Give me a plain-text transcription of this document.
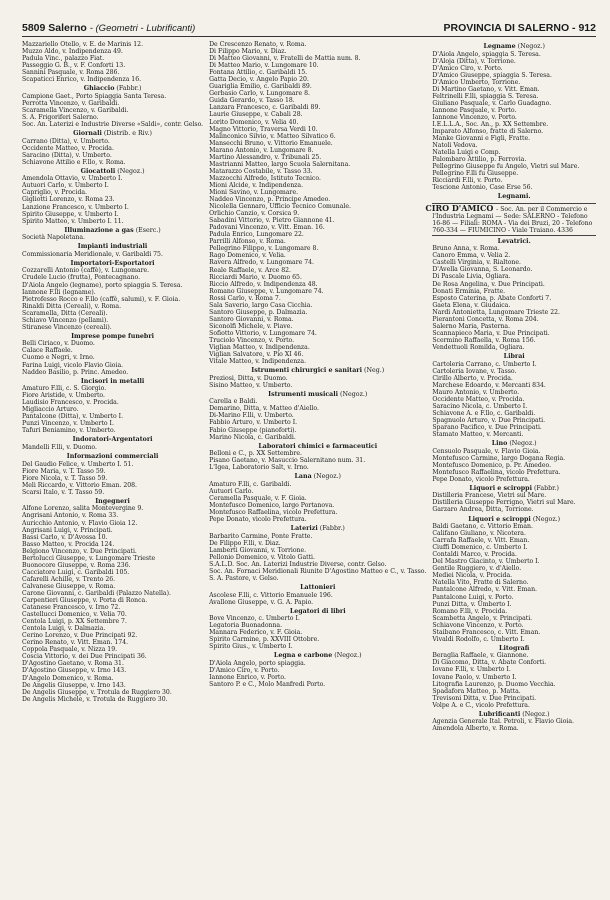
5809 Salerno - (Geometri - Lubrificanti)	PROVINCIA DI SALERNO - 912
Mazzariello Otello, v. E. de Marinis 12.
Muzzo Aldo, v. Indipendenza 49.
Padula Vinc., palazzo Fiat.
Passeggio G. B., v. F. Conforti 13.
Sannini Pasquale, v. Roma 286.
Scapaticci Enrico, v. Indipendenza 16.
Ghiaccio (Fabbr.)
Campione Gaet., Porto Spiaggia Santa Teresa.
Perrotta Vincenzo, v. Garibaldi.
Scaramella Vincenzo, v. Garibaldi.
S. A. Frigoriferi Salerno.
Soc. An. Laterizi e Industrie Diverse «Saldi», contr. Gelso.
Giornali (Distrib. e Riv.)
Carrano (Ditta), v. Umberto.
Occidente Matteo, v. Procida.
Saracino (Ditta), v. Umberto.
Schiavone Attilio e F.llo, v. Roma.
Giocattoli (Negoz.)
Amendola Ottavio, v. Umberto I.
Autuori Carlo, v. Umberto I.
Capriglio, v. Procida.
Gigliotti Lorenzo, v. Roma 23.
Lanzione Francesco, v. Umberto I.
Spirito Giuseppe, v. Umberto I.
Spirito Matteo, v. Umberto I. 11.
Illuminazione a gas (Eserc.)
Società Napoletana.
Impianti industriali
Commissionaria Meridionale, v. Garibaldi 75.
Importatori-Esportatori
Cozzarelli Antonio (caffè), v. Lungomare.
Crudele Lucio (frutta), Pontecagnano.
D'Aiola Angelo (legname), porto spiaggia S. Teresa.
Iannone F.lli (legname).
Pietrofesso Rocco e F.llo (caffè, salumi), v. F. Gioia.
Rinaldi Ditta (Cereali), v. Roma.
Scaramella, Ditta (Cereali).
Schiavo Vincenzo (pellami).
Stiranese Vincenzo (cereali).
Imprese pompe funebri
Belli Ciriaco, v. Duomo.
Calace Raffaele.
Cuomo e Negri, v. Irno.
Farina Luigi, vicolo Flavio Gioia.
Naddeo Basilio, p. Princ. Amedeo.
Incisori in metalli
Amaturo F.lli, c. S. Giorgio.
Fiore Aristide, v. Umberto.
Laudisio Francesco, v. Procida.
Migliaccio Arturo.
Pantalcone (Ditta), v. Umberto I.
Punzi Vincenzo, v. Umberto I.
Tafuri Beniamino, v. Umberto.
Indoratori-Argentatori
Mandelli F.lli, v. Duomo.
Informazioni commerciali
Del Gaudio Felice, v. Umberto I. 51.
Fiore Maria, v. T. Tasso 59.
Fiore Nicola, v. T. Tasso 59.
Meli Riccardo, v. Vittorio Eman. 208.
Scarsi Italo, v. T. Tasso 59.
Ingegneri
Alfone Lorenzo, salita Montevergine 9.
Angrisani Antonio, v. Roma 33.
Auricchio Antonio, v. Flavio Gioia 12.
Angrisani Luigi, v. Principati.
Bassi Carlo, v. D'Avossa 10.
Basso Matteo, v. Procida 124.
Belgiono Vincenzo, v. Due Principati.
Bertolucci Giuseppe, v. Lungomare Trieste
Buonocore Giuseppe, v. Roma 236.
Cacciatore Luigi, c. Garibaldi 105.
Cafarelli Achille, v. Trento 26.
Calvanese Giuseppe, v. Roma.
Carone Giovanni, c. Garibaldi (Palazzo Natella).
Carpentieri Giuseppe, v. Porta di Ronca.
Catanese Francesco, v. Irno 72.
Castellucci Domenico, v. Velia 70.
Centola Luigi, p. XX Settembre 7.
Centola Luigi, v. Dalmazia.
Cerino Lorenzo, v. Due Principati 92.
Cerino Renato, v. Vitt. Eman. 174.
Coppola Pasquale, v. Nizza 19.
Coscia Vittorio, v. dei Due Principati 36.
D'Agostino Gaetano, v. Roma 31.
D'Agostino Giuseppe, v. Irno 143.
D'Angelo Domenico, v. Roma.
De Angelis Giuseppe, v. Irno 143.
De Angelis Giuseppe, v. Trotula de Ruggiero 30.
De Angelis Michele, v. Trotula de Ruggiero 30.
De Crescenzo Renato, v. Roma.
Di Filippo Mario, v. Diaz.
Di Matteo Giovanni, v. Fratelli de Mattia num. 8.
Di Matteo Mario, v. Lungomare 10.
Fontana Attilio, c. Garibaldi 15.
Gatta Decio, v. Angelo Papio 20.
Guariglia Emilio, c. Garibaldi 89.
Gerbasio Carlo, v. Lungomare 8.
Guida Gerardo, v. Tasso 18.
Lanzara Francesco, c. Garibaldi 89.
Laurie Giuseppe, v. Cabali 28.
Lorito Domenico, v. Velia 40.
Magno Vittorio, Traversa Verdi 10.
Malinconico Silvio, v. Matteo Silvatico 6.
Mansecchi Bruno, v. Vittorio Emanuele.
Marano Antonio, v. Lungomare 8.
Martino Alessandro, v. Tribunali 25.
Mastrianni Matteo, largo Scuola Salernitana.
Matarazzo Costabile, v. Tasso 33.
Mazzocchi Alfredo, Istituto Tecnico.
Mioni Alcide, v. Indipendenza.
Mioni Savino, v. Lungomare.
Naddeo Vincenzo, p. Principe Amedeo.
Nicolella Gennaro, Ufficio Tecnico Comunale.
Orlichio Canzio, v. Corsica 9.
Sabadini Vittorio, v. Pietro Giannone 41.
Padovani Vincenzo, v. Vitt. Eman. 16.
Padula Enrico, Lungomare 22.
Parrilli Alfonso, v. Roma.
Pellegrino Filippo, v. Lungomare 8.
Rago Domenico, v. Velia.
Ravera Alfredo, v. Lungomare 74.
Reale Raffaele, v. Arce 82.
Ricciardi Mario, v. Duomo 65.
Riccio Alfredo, v. Indipendenza 48.
Romano Giuseppe, v. Lungomare 74.
Rossi Carlo, v. Roma 7.
Sala Saverio, largo Casa Cicchia.
Santoro Giuseppe, p. Dalmazia.
Santoro Giovanni, v. Roma.
Siconolfi Michele, v. Piave.
Sofiotto Vittorio, v. Lungomare 74.
Truciolo Vincenzo, v. Porto.
Viglian Matteo, v. Indipendenza.
Viglian Salvatore, v. Pio XI 46.
Vitale Matteo, v. Indipendenza.
Istrumenti chirurgici e sanitari (Neg.)
Preziosi, Ditta, v. Duomo.
Sisino Matteo, v. Umberto.
Istrumenti musicali (Negoz.)
Carella e Baldi.
Demarino, Ditta, v. Matteo d'Aiello.
Di-Marino F.lli, v. Umberto.
Fabbio Arturo, v. Umberto I.
Fabio Giuseppe (pianoforti).
Marino Nicola, c. Garibaldi.
Laboratori chimici e farmaceutici
Belloni e C., p. XX Settembre.
Pisano Gaetano, v. Masuccio Salernitano num. 31.
L'Igea, Laboratorio Salt, v. Irno.
Lana (Negoz.)
Amaturo F.lli, c. Garibaldi.
Autuori Carlo.
Ceramella Pasquale, v. F. Gioia.
Montefusco Domenico, largo Portanova.
Montefusco Raffaelina, vicolo Prefettura.
Pepe Donato, vicolo Prefettura.
Laterizi (Fabbr.)
Barbarito Carmine, Ponte Fratte.
De Filippo F.lli, v. Diaz.
Lamberti Giovanni, v. Torrione.
Pellonio Domenico, v. Vitolo Gatti.
S.A.L.D. Soc. An. Laterizi Industrie Diverse, contr. Gelso.
Soc. An. Fornaci Meridionali Riunite D'Agostino Matteo e C., v. Tasso.
S. A. Pastore, v. Gelso.
Lattonieri
Ascolese F.lli, c. Vittorio Emanuele 196.
Avallone Giuseppe, v. G. A. Papio.
Legatori di libri
Bove Vincenzo, c. Umberto I.
Legatoria Buonadonna.
Mannara Federico, v. F. Gioia.
Spirito Carmine, p. XXVIII Ottobre.
Spirito Gius., v. Umberto I.
Legna e carbone (Negoz.)
D'Aiola Angelo, porto spiaggia.
D'Amico Ciro, v. Porto.
Iannone Enrico, v. Porto.
Santoro P. e C., Molo Manfredi Porto.
Legname (Negoz.)
D'Aiola Angelo, spiaggia S. Teresa.
D'Aloja (Ditta), v. Torrione.
D'Amico Ciro, v. Porto.
D'Amico Giuseppe, spiaggia S. Teresa.
D'Amico Umberto, Torrione.
Di Martino Gaetano, v. Vitt. Eman.
Feltrinelli F.lli, spiaggia S. Teresa.
Giuliano Pasquale, v. Carlo Guadagno.
Iannone Pasquale, v. Porto.
Iannone Vincenzo, v. Porto.
I.E.L.L.A., Soc. An., p. XX Settembre.
Imparato Alfonso, fratte di Salerno.
Manke Giovanni e Figli, Fratte.
Natoli Vedova.
Natella Luigi e Comp.
Palombaro Attilio, p. Ferrovia.
Pellegrino Giuseppe fu Angelo, Vietri sul Mare.
Pellegrino F.lli fu Giuseppe.
Ricciardi F.lli, v. Porto.
Tescione Antonio, Case Erse 56.
Legnami.
CIRO D'AMICO - Soc. An. per il Commercio e l'Industria Legnami — Sede: SALERNO - Telefono 16-86 — Filiali: ROMA - Via dei Bruzi, 20 - Telefono 760-334 — FIUMICINO - Viale Traiano. 4336
Levatrici.
Bruno Anna, v. Roma.
Canoro Emma, v. Velia 2.
Castelli Virginia, v. Rialtone.
D'Avella Giovanna, S. Leonardo.
Di Pascale Livia, Ogliara.
De Rosa Angelina, v. Due Principati.
Donati Erminia, Fratte.
Esposto Caterina, p. Abate Conforti 7.
Gaeta Elena, v. Giudaica.
Nardi Antonietta, Lungomare Trieste 22.
Pierantoni Concetta, v. Roma 204.
Salerno Maria, Pasterna.
Scannapieco Maria, v. Due Principati.
Scermino Raffaella, v. Roma 156.
Vendettuoli Romilda, Ogliara.
Librai
Cartoleria Carrano, c. Umberto I.
Cartoleria Iovane, v. Tasso.
Cirillo Alberto, v. Procida.
Marchese Edoardo, v. Mercanti 834.
Mauro Antonio, v. Umberto.
Occidente Matteo, v. Procida.
Saracino Nicola, c. Umberto I.
Schiavone A. e F.llo, c. Garibaldi.
Spagnuolo Arturo, v. Due Principati.
Sparano Pacifico, v. Due Principati.
Stamato Matteo, v. Mercanti.
Lino (Negoz.)
Censuolo Pasquale, v. Flavio Gioia.
Montefusco Carmine, largo Dogana Regia.
Montefusco Domenico, p. Pr. Amedeo.
Montefusco Raffaelina, vicolo Prefettura.
Pepe Donato, vicolo Prefettura.
Liquori e sciroppi (Fabbr.)
Distilleria Francese, Vietri sul Mare.
Distilleria Giuseppe Ferrigno, Vietri sul Mare.
Garzaro Andrea, Ditta, Torrione.
Liquori e sciroppi (Negoz.)
Baldi Gaetano, c. Vittorio Eman.
Califano Giuliano, v. Nicotera.
Carrafa Raffaele, v. Vitt. Eman.
Ciuffi Domenico, c. Umberto I.
Contaldi Marco, v. Procida.
Del Mastro Giacinto, v. Umberto I.
Gentile Ruggiero, v. d'Aiello.
Mediei Nicola, v. Procida.
Natella Vito, Fratte di Salerno.
Pantalcone Alfredo, v. Vitt. Eman.
Pantalcone Luigi, v. Porto.
Punzi Ditta, v. Umberto I.
Romano F.lli, v. Procida.
Scambetta Angelo, v. Principati.
Schiavone Vincenzo, v. Porto.
Staibano Francesco, c. Vitt. Eman.
Vivaldi Rodolfo, c. Umberto I.
Litografi
Beraglia Raffaele, v. Giannone.
Di Giacomo, Ditta, v. Abate Conforti.
Iovane F.lli, v. Umberto I.
Iovane Paolo, v. Umberto I.
Litografia Laurenzo, p. Duomo Vecchia.
Spadafora Matteo, p. Matta.
Trevisoni Ditta, v. Due Principati.
Volpe A. e C., vicolo Prefettura.
Lubrificanti (Negoz.)
Agenzia Generale Ital. Petroli, v. Flavio Gioia.
Amendola Alberto, v. Roma.
